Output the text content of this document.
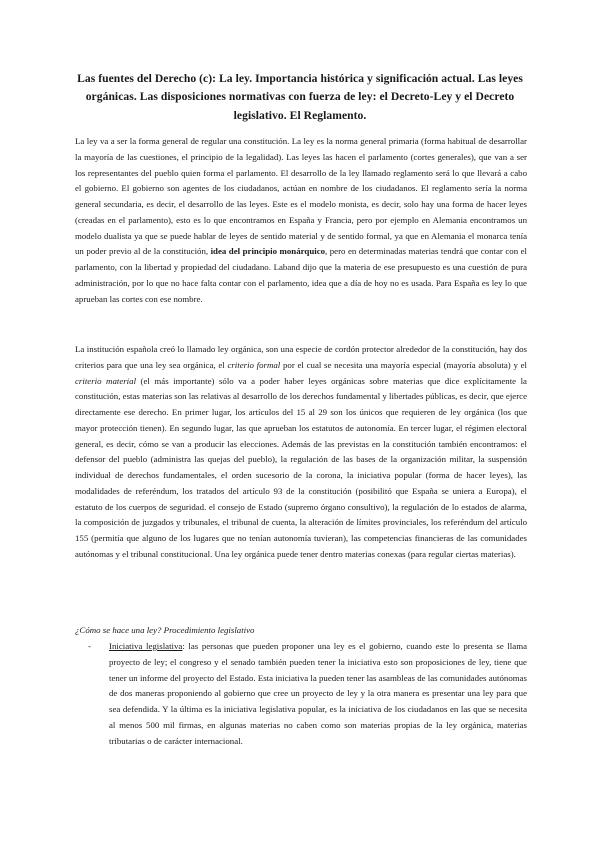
Las fuentes del Derecho (c): La ley. Importancia histórica y significación actual. Las leyes orgánicas. Las disposiciones normativas con fuerza de ley: el Decreto-Ley y el Decreto legislativo. El Reglamento.

La ley va a ser la forma general de regular una constitución. La ley es la norma general primaria (forma habitual de desarrollar la mayoría de las cuestiones, el principio de la legalidad). Las leyes las hacen el parlamento (cortes generales), que van a ser los representantes del pueblo quien forma el parlamento. El desarrollo de la ley llamado reglamento será lo que llevará a cabo el gobierno. El gobierno son agentes de los ciudadanos, actúan en nombre de los ciudadanos. El reglamento sería la norma general secundaria, es decir, el desarrollo de las leyes. Este es el modelo monista, es decir, solo hay una forma de hacer leyes (creadas en el parlamento), esto es lo que encontramos en España y Francia, pero por ejemplo en Alemania encontramos un modelo dualista ya que se puede hablar de leyes de sentido material y de sentido formal, ya que en Alemania el monarca tenía un poder previo al de la constitución, idea del principio monárquico, pero en determinadas materias tendrá que contar con el parlamento, con la libertad y propiedad del ciudadano. Laband dijo que la materia de ese presupuesto es una cuestión de pura administración, por lo que no hace falta contar con el parlamento, idea que a día de hoy no es usada. Para España es ley lo que aprueban las cortes con ese nombre.

La institución española creó lo llamado ley orgánica, son una especie de cordón protector alrededor de la constitución, hay dos criterios para que una ley sea orgánica, el criterio formal por el cual se necesita una mayoría especial (mayoría absoluta) y el criterio material (el más importante) sólo va a poder haber leyes orgánicas sobre materias que dice explícitamente la constitución, estas materias son las relativas al desarrollo de los derechos fundamental y libertades públicas, es decir, que ejerce directamente ese derecho. En primer lugar, los artículos del 15 al 29 son los únicos que requieren de ley orgánica (los que mayor protección tienen). En segundo lugar, las que aprueban los estatutos de autonomía. En tercer lugar, el régimen electoral general, es decir, cómo se van a producir las elecciones. Además de las previstas en la constitución también encontramos: el defensor del pueblo (administra las quejas del pueblo), la regulación de las bases de la organización militar, la suspensión individual de derechos fundamentales, el orden sucesorio de la corona, la iniciativa popular (forma de hacer leyes), las modalidades de referéndum, los tratados del artículo 93 de la constitución (posibilitó que España se uniera a Europa), el estatuto de los cuerpos de seguridad. el consejo de Estado (supremo órgano consultivo), la regulación de lo estados de alarma, la composición de juzgados y tribunales, el tribunal de cuenta, la alteración de límites provinciales, los referéndum del artículo 155 (permitía que alguno de los lugares que no tenían autonomía tuvieran), las competencias financieras de las comunidades autónomas y el tribunal constitucional. Una ley orgánica puede tener dentro materias conexas (para regular ciertas materias).

¿Cómo se hace una ley? Procedimiento legislativo
- Iniciativa legislativa: las personas que pueden proponer una ley es el gobierno, cuando este lo presenta se llama proyecto de ley; el congreso y el senado también pueden tener la iniciativa esto son proposiciones de ley, tiene que tener un informe del proyecto del Estado. Esta iniciativa la pueden tener las asambleas de las comunidades autónomas de dos maneras proponiendo al gobierno que cree un proyecto de ley y la otra manera es presentar una ley para que sea defendida. Y la última es la iniciativa legislativa popular, es la iniciativa de los ciudadanos en las que se necesita al menos 500 mil firmas, en algunas materias no caben como son materias propias de la ley orgánica, materias tributarias o de carácter internacional.
